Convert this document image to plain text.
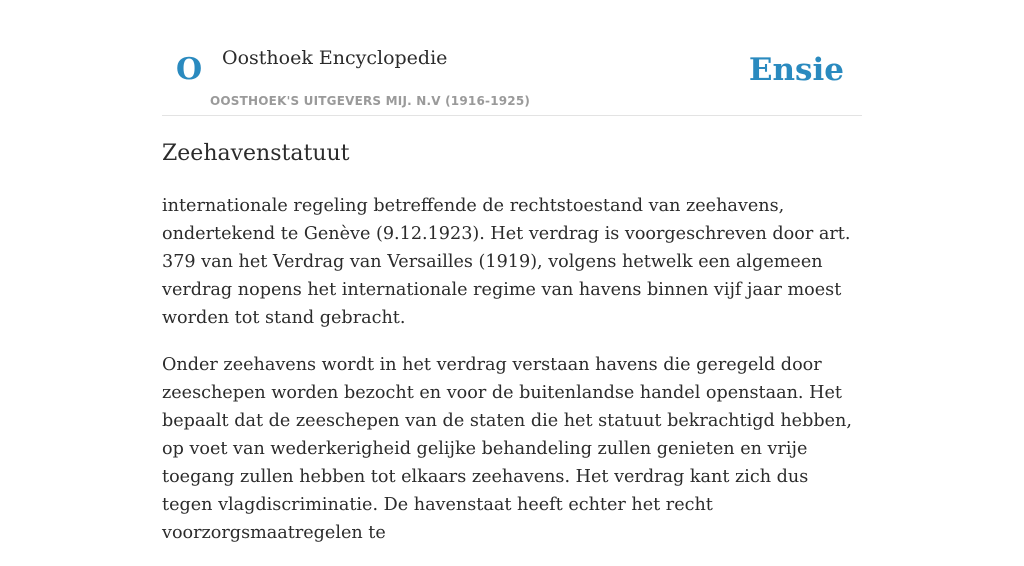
O Oosthoek Encyclopedie
OOSTHOEK'S UITGEVERS MIJ. N.V (1916-1925)
Ensie
Zeehavenstatuut

internationale regeling betreffende de rechtstoestand van zeehavens, ondertekend te Genève (9.12.1923). Het verdrag is voorgeschreven door art. 379 van het Verdrag van Versailles (1919), volgens hetwelk een algemeen verdrag nopens het internationale regime van havens binnen vijf jaar moest worden tot stand gebracht.

Onder zeehavens wordt in het verdrag verstaan havens die geregeld door zeeschepen worden bezocht en voor de buitenlandse handel openstaan. Het bepaalt dat de zeeschepen van de staten die het statuut bekrachtigd hebben, op voet van wederkerigheid gelijke behandeling zullen genieten en vrije toegang zullen hebben tot elkaars zeehavens. Het verdrag kant zich dus tegen vlagdiscriminatie. De havenstaat heeft echter het recht voorzorgsmaatregelen te
